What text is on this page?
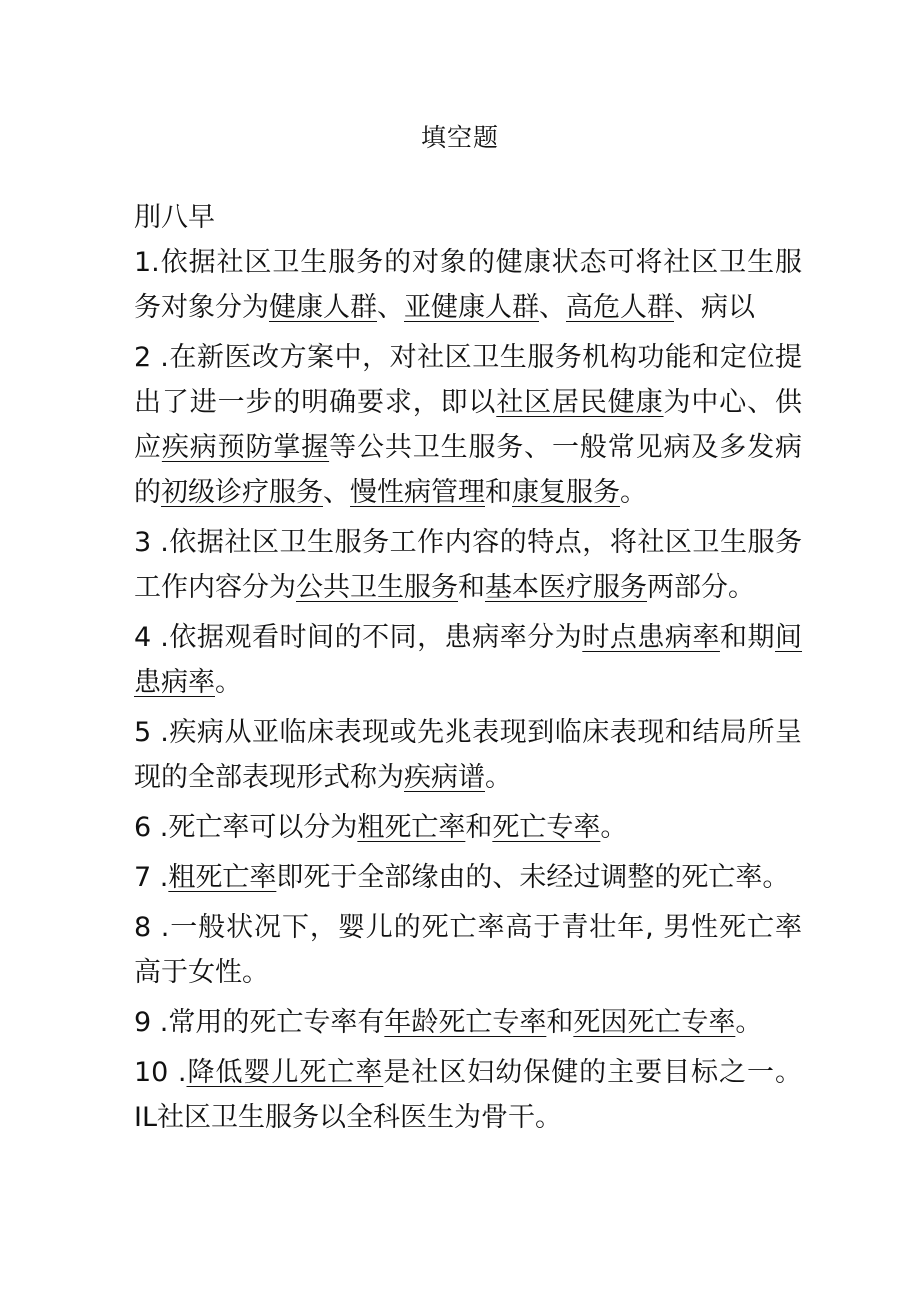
填空题

刖八早

1.依据社区卫生服务的对象的健康状态可将社区卫生服务对象分为健康人群、亚健康人群、高危人群、病以

2 .在新医改方案中，对社区卫生服务机构功能和定位提出了进一步的明确要求，即以社区居民健康为中心、供应疾病预防掌握等公共卫生服务、一般常见病及多发病的初级诊疗服务、慢性病管理和康复服务。

3 .依据社区卫生服务工作内容的特点，将社区卫生服务工作内容分为公共卫生服务和基本医疗服务两部分。

4 .依据观看时间的不同，患病率分为时点患病率和期间患病率。

5 .疾病从亚临床表现或先兆表现到临床表现和结局所呈现的全部表现形式称为疾病谱。

6 .死亡率可以分为粗死亡率和死亡专率。

7 .粗死亡率即死于全部缘由的、未经过调整的死亡率。

8 .一般状况下，婴儿的死亡率高于青壮年, 男性死亡率高于女性。

9 .常用的死亡专率有年龄死亡专率和死因死亡专率。

10 .降低婴儿死亡率是社区妇幼保健的主要目标之一。IL社区卫生服务以全科医生为骨干。
